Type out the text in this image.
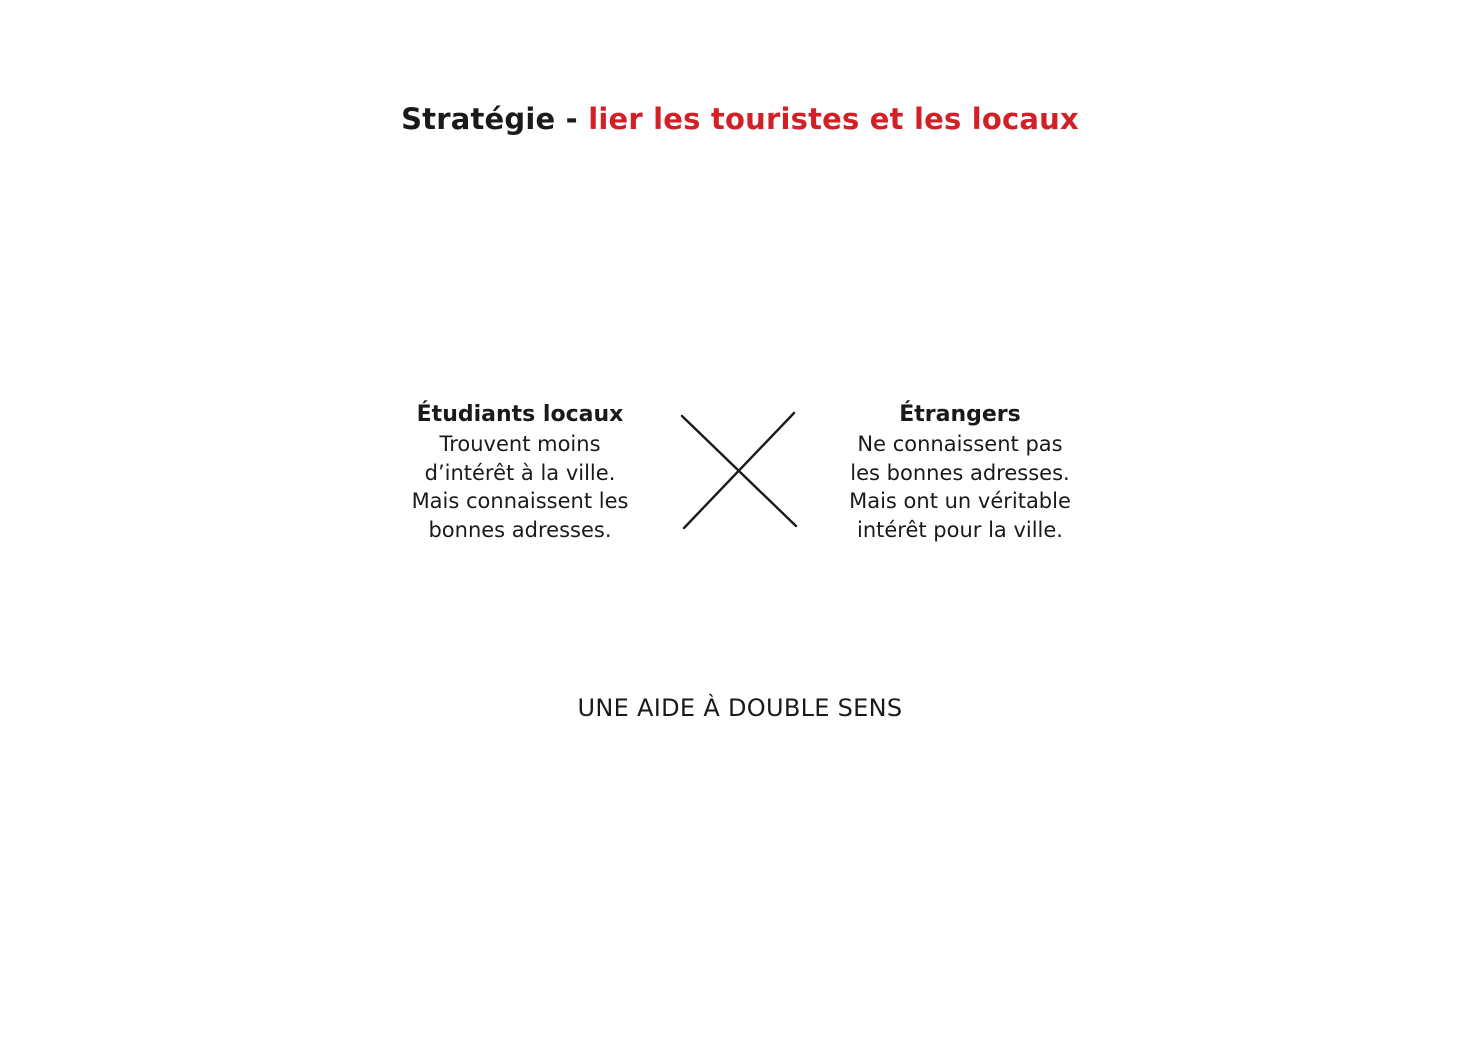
Stratégie - lier les touristes et les locaux
Étudiants locaux
Trouvent moins
d’intérêt à la ville.
Mais connaissent les
bonnes adresses.
Étrangers
Ne connaissent pas
les bonnes adresses.
Mais ont un véritable
intérêt pour la ville.
UNE AIDE À DOUBLE SENS
